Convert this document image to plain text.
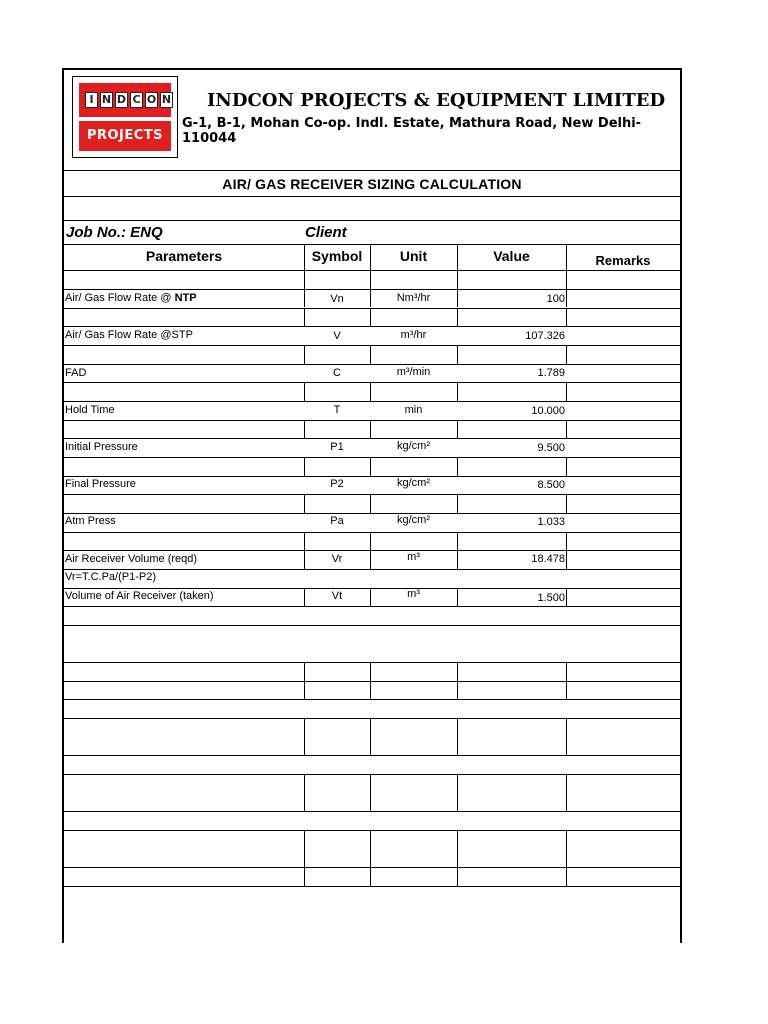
I N D C O N
PROJECTS
INDCON PROJECTS & EQUIPMENT LIMITED
G-1, B-1, Mohan Co-op. Indl. Estate, Mathura Road, New Delhi-110044
AIR/ GAS RECEIVER SIZING CALCULATION
Job No.: ENQ	Client
Parameters	Symbol	Unit	Value	Remarks
Air/ Gas Flow Rate @ NTP	Vn	Nm³/hr	100
Air/ Gas Flow Rate @STP	V	m³/hr	107.326
FAD	C	m³/min	1.789
Hold Time	T	min	10.000
Initial Pressure	P1	kg/cm²	9.500
Final Pressure	P2	kg/cm²	8.500
Atm Press	Pa	kg/cm²	1.033
Air Receiver Volume (reqd)	Vr	m³	18.478
Vr=T.C.Pa/(P1-P2)
Volume of Air Receiver (taken)	Vt	m³	1.500
